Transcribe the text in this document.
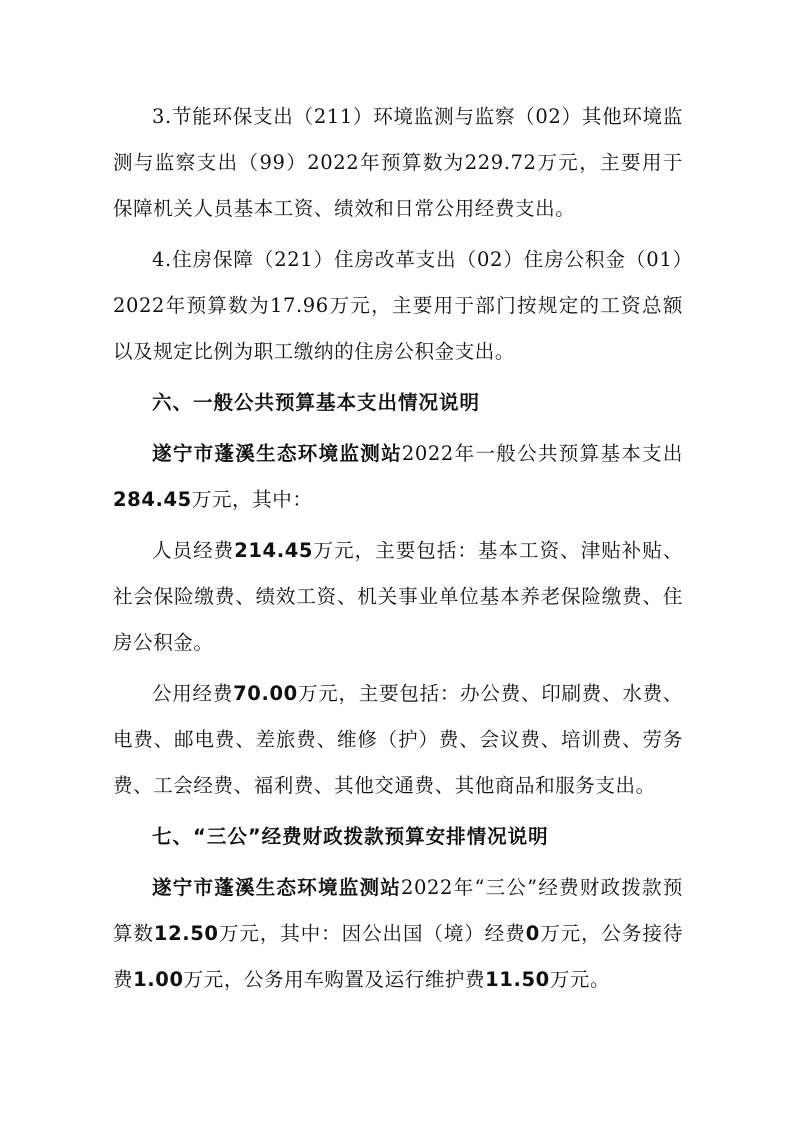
3.节能环保支出（211）环境监测与监察（02）其他环境监测与监察支出（99）2022年预算数为229.72万元，主要用于保障机关人员基本工资、绩效和日常公用经费支出。

4.住房保障（221）住房改革支出（02）住房公积金（01）2022年预算数为17.96万元，主要用于部门按规定的工资总额以及规定比例为职工缴纳的住房公积金支出。

六、一般公共预算基本支出情况说明

遂宁市蓬溪生态环境监测站2022年一般公共预算基本支出284.45万元，其中：

人员经费214.45万元，主要包括：基本工资、津贴补贴、社会保险缴费、绩效工资、机关事业单位基本养老保险缴费、住房公积金。

公用经费70.00万元，主要包括：办公费、印刷费、水费、电费、邮电费、差旅费、维修（护）费、会议费、培训费、劳务费、工会经费、福利费、其他交通费、其他商品和服务支出。

七、“三公”经费财政拨款预算安排情况说明

遂宁市蓬溪生态环境监测站2022年“三公”经费财政拨款预算数12.50万元，其中：因公出国（境）经费0万元，公务接待费1.00万元，公务用车购置及运行维护费11.50万元。
